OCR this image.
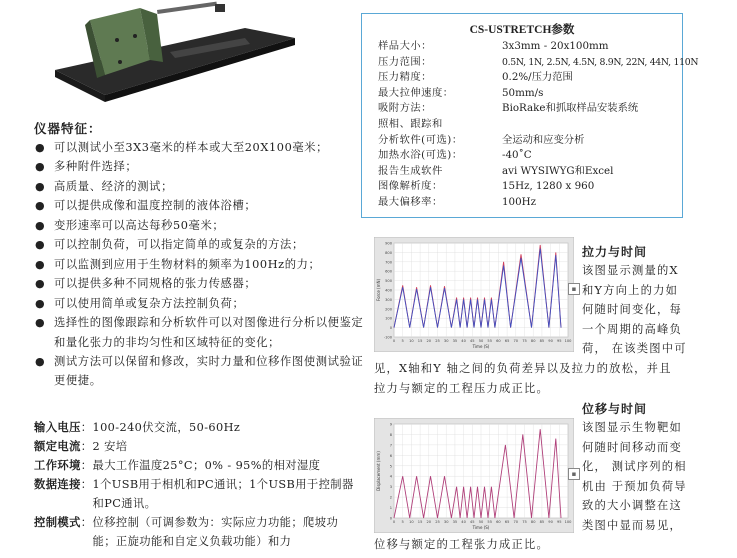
仪器特征：
● 可以测试小至3X3毫米的样本或大至20X100毫米；
● 多种附件选择；
● 高质量、经济的测试；
● 可以提供成像和温度控制的液体浴槽；
● 变形速率可以高达每秒50毫米；
● 可以控制负荷，可以指定简单的或复杂的方法；
● 可以监测到应用于生物材料的频率为100Hz的力；
● 可以提供多种不同规格的张力传感器；
● 可以使用简单或复杂方法控制负荷；
● 选择性的图像跟踪和分析软件可以对图像进行分析以便鉴定和量化张力的非均匀性和区域特征的变化；
● 测试方法可以保留和修改，实时力量和位移作图使测试验证更便捷。
输入电压 ： 100-240伏交流，50-60Hz
额定电流 ： 2 安培
工作环境 ： 最大工作温度25°C；0% - 95%的相对湿度
数据连接 ： 1个USB用于相机和PC通讯；1个USB用于控制器和PC通讯。
控制模式 ： 位移控制（可调参数为：实际应力功能；爬坡功能；正旋功能和自定义负载功能）和力
CS-USTRETCH参数
样品大小：	3x3mm - 20x100mm
压力范围：	0.5N, 1N, 2.5N, 4.5N, 8.9N, 22N, 44N, 110N
压力精度：	0.2%/压力范围
最大拉伸速度：	50mm/s
吸附方法：	BioRake和抓取样品安装系统
照相、跟踪和
分析软件(可选)：	全运动和应变分析
加热水浴(可选)：	-40˚C
报告生成软件	avi WYSIWYG和Excel
图像解析度：	15Hz, 1280 x 960
最大偏移率：	100Hz
-100
0
100
200
300
400
500
600
700
800
900
0 5 10 15 20 25 30 35 40 45 50 55 60 65 70 75 80 85 90 95 100
Force (mN)
Time (S)
▪
拉力与时间
该图显示测量的X
和Y方向上的力如
何随时间变化，每
一个周期的高峰负
荷， 在该类图中可
见，X轴和Y 轴之间的负荷差异以及拉力的放松，并且
拉力与额定的工程压力成正比。
0
1
2
3
4
5
6
7
8
9
0 5 10 15 20 25 30 35 40 45 50 55 60 65 70 75 80 85 90 95 100
Displacement (mm)
Time (S)
▪
位移与时间
该图显示生物靶如
何随时间移动而变
化， 测试序列的相
机由 于预加负荷导
致的大小调整在这
类图中显而易见，
位移与额定的工程张力成正比。
